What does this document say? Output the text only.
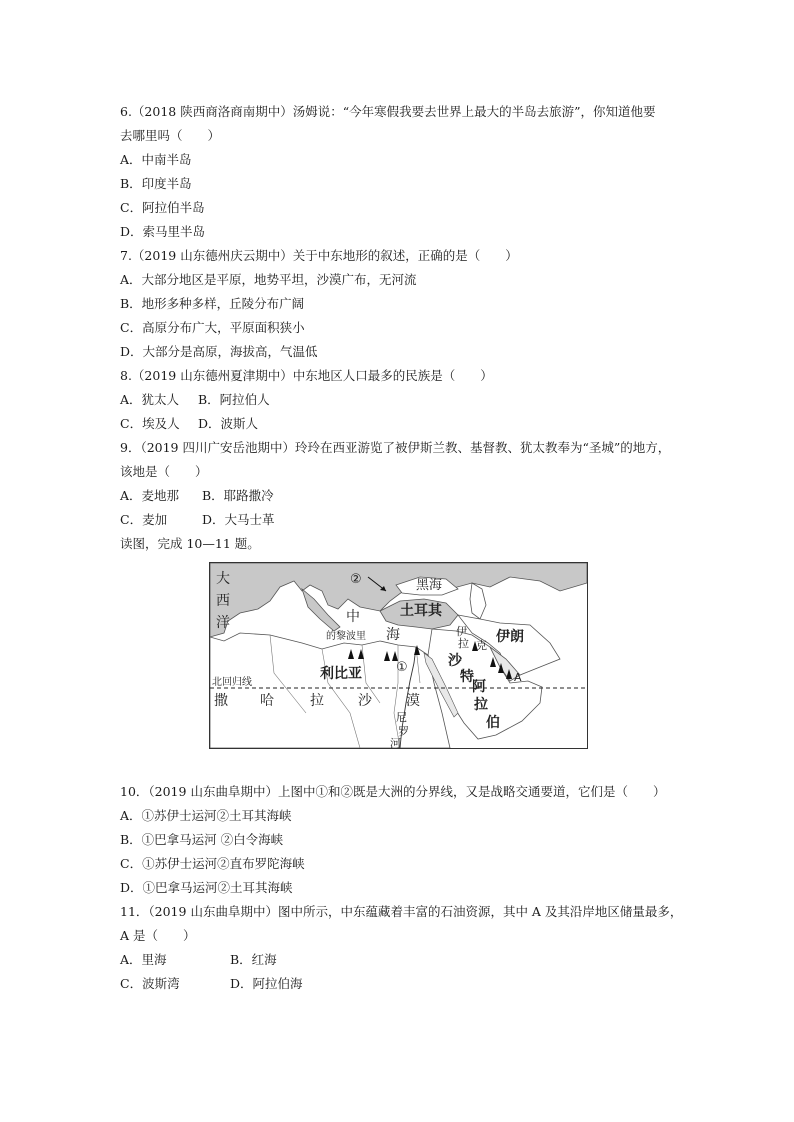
6.（2018 陕西商洛商南期中）汤姆说：“今年寒假我要去世界上最大的半岛去旅游”，你知道他要
去哪里吗（　　）
A．中南半岛
B．印度半岛
C．阿拉伯半岛
D．索马里半岛
7.（2019 山东德州庆云期中）关于中东地形的叙述，正确的是（　　）
A．大部分地区是平原，地势平坦，沙漠广布，无河流
B．地形多种多样，丘陵分布广阔
C．高原分布广大，平原面积狭小
D．大部分是高原，海拔高，气温低
8.（2019 山东德州夏津期中）中东地区人口最多的民族是（　　）
A．犹太人 B．阿拉伯人
C．埃及人 D．波斯人
9．（2019 四川广安岳池期中）玲玲在西亚游览了被伊斯兰教、基督教、犹太教奉为“圣城”的地方，
该地是（　　）
A．麦地那 B．耶路撒冷
C．麦加	D．大马士革
读图，完成 10—11 题。
大
西
洋
②	黑海
土耳其
伊朗
伊
拉 克
中
海
的黎波里
利比亚	①
A
沙
特
阿
拉
伯
北回归线
撒 哈	拉 沙 漠
尼
罗
河
10．（2019 山东曲阜期中）上图中①和②既是大洲的分界线，又是战略交通要道，它们是（　　）
A．①苏伊士运河②土耳其海峡
B．①巴拿马运河 ②白令海峡
C．①苏伊士运河②直布罗陀海峡
D．①巴拿马运河②土耳其海峡
11．（2019 山东曲阜期中）图中所示，中东蕴藏着丰富的石油资源，其中 A 及其沿岸地区储量最多，
A 是（　　）
A．里海	B．红海
C．波斯湾	D．阿拉伯海
